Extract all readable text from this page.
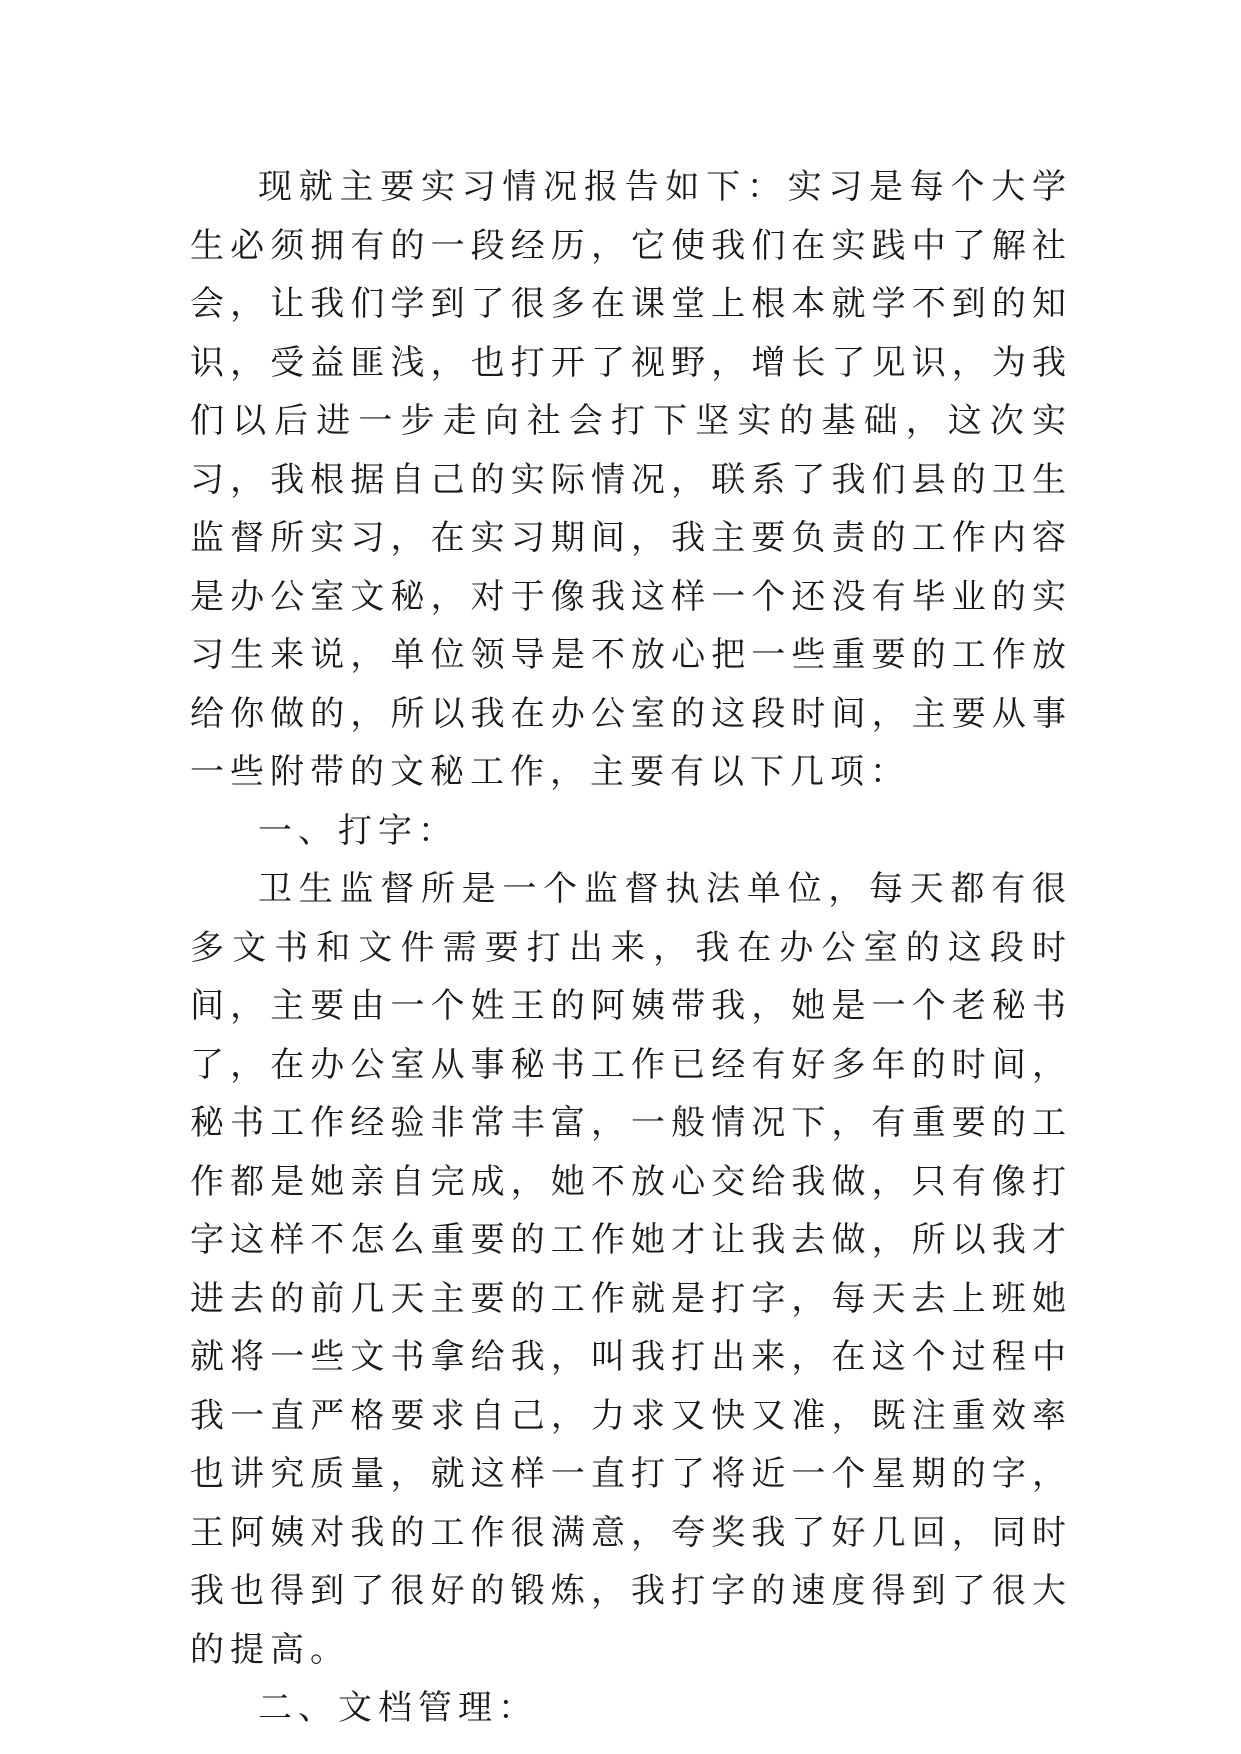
现就主要实习情况报告如下：实习是每个大学生必须拥有的一段经历，它使我们在实践中了解社会，让我们学到了很多在课堂上根本就学不到的知识，受益匪浅，也打开了视野，增长了见识，为我们以后进一步走向社会打下坚实的基础，这次实习，我根据自己的实际情况，联系了我们县的卫生监督所实习，在实习期间，我主要负责的工作内容是办公室文秘，对于像我这样一个还没有毕业的实习生来说，单位领导是不放心把一些重要的工作放给你做的，所以我在办公室的这段时间，主要从事一些附带的文秘工作，主要有以下几项：

一、打字：

卫生监督所是一个监督执法单位，每天都有很多文书和文件需要打出来，我在办公室的这段时间，主要由一个姓王的阿姨带我，她是一个老秘书了，在办公室从事秘书工作已经有好多年的时间，秘书工作经验非常丰富，一般情况下，有重要的工作都是她亲自完成，她不放心交给我做，只有像打字这样不怎么重要的工作她才让我去做，所以我才进去的前几天主要的工作就是打字，每天去上班她就将一些文书拿给我，叫我打出来，在这个过程中我一直严格要求自己，力求又快又准，既注重效率也讲究质量，就这样一直打了将近一个星期的字，王阿姨对我的工作很满意，夸奖我了好几回，同时我也得到了很好的锻炼，我打字的速度得到了很大的提高。

二、文档管理：
